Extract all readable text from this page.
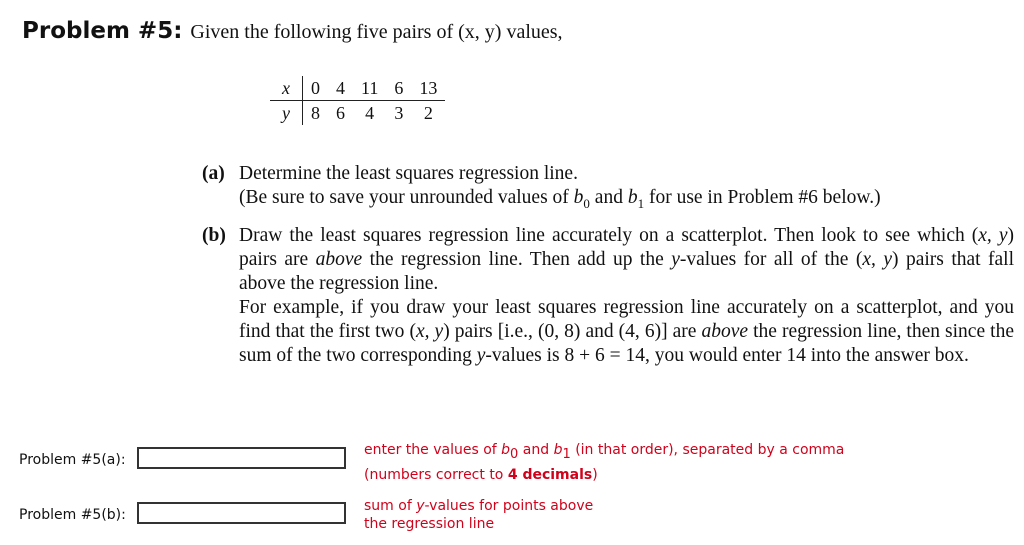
Problem #5: Given the following five pairs of (x, y) values,
x	0	4	11	6	13
y	8	6	4	3	2
(a) Determine the least squares regression line.
(Be sure to save your unrounded values of $b_0$ and $b_1$ for use in Problem #6 below.)
(b) Draw the least squares regression line accurately on a scatterplot. Then look to see which (x, y) pairs are above the regression line. Then add up the y-values for all of the (x, y) pairs that fall above the regression line.
For example, if you draw your least squares regression line accurately on a scatterplot, and you find that the first two (x, y) pairs [i.e., (0, 8) and (4, 6)] are above the regression line, then since the sum of the two corresponding y-values is 8 + 6 = 14, you would enter 14 into the answer box.
Problem #5(a):
enter the values of $b_0$ and $b_1$ (in that order), separated by a comma
(numbers correct to 4 decimals)
Problem #5(b):
sum of y-values for points above
the regression line
